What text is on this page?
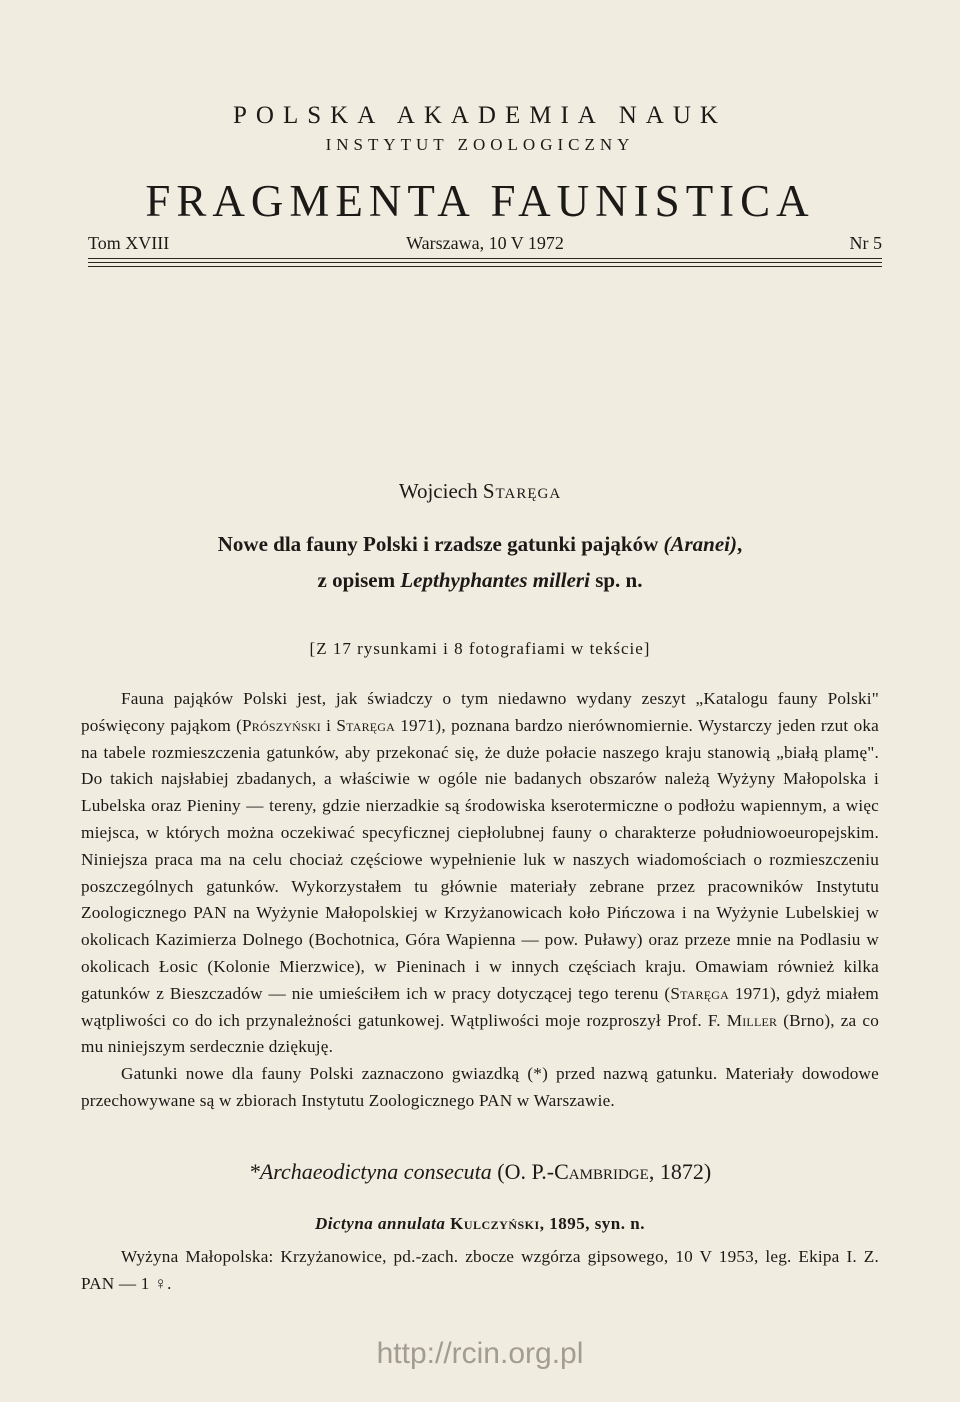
POLSKA AKADEMIA NAUK
INSTYTUT ZOOLOGICZNY
FRAGMENTA FAUNISTICA
Tom XVIII	Warszawa, 10 V 1972	Nr 5
Wojciech Staręga
Nowe dla fauny Polski i rzadsze gatunki pająków (Aranei),
z opisem Lepthyphantes milleri sp. n.
[Z 17 rysunkami i 8 fotografiami w tekście]

Fauna pająków Polski jest, jak świadczy o tym niedawno wydany zeszyt „Katalogu fauny Polski" poświęcony pająkom (Prószyński i Staręga 1971), poznana bardzo nierównomiernie. Wystarczy jeden rzut oka na tabele rozmieszczenia gatunków, aby przekonać się, że duże połacie naszego kraju stanowią „białą plamę". Do takich najsłabiej zbadanych, a właściwie w ogóle nie badanych obszarów należą Wyżyny Małopolska i Lubelska oraz Pieniny — tereny, gdzie nierzadkie są środowiska kserotermiczne o podłożu wapiennym, a więc miejsca, w których można oczekiwać specyficznej ciepłolubnej fauny o charakterze południowoeuropejskim. Niniejsza praca ma na celu chociaż częściowe wypełnienie luk w naszych wiadomościach o rozmieszczeniu poszczególnych gatunków. Wykorzystałem tu głównie materiały zebrane przez pracowników Instytutu Zoologicznego PAN na Wyżynie Małopolskiej w Krzyżanowicach koło Pińczowa i na Wyżynie Lubelskiej w okolicach Kazimierza Dolnego (Bochotnica, Góra Wapienna — pow. Puławy) oraz przeze mnie na Podlasiu w okolicach Łosic (Kolonie Mierzwice), w Pieninach i w innych częściach kraju. Omawiam również kilka gatunków z Bieszczadów — nie umieściłem ich w pracy dotyczącej tego terenu (Staręga 1971), gdyż miałem wątpliwości co do ich przynależności gatunkowej. Wątpliwości moje rozproszył Prof. F. Miller (Brno), za co mu niniejszym serdecznie dziękuję.

Gatunki nowe dla fauny Polski zaznaczono gwiazdką (*) przed nazwą gatunku. Materiały dowodowe przechowywane są w zbiorach Instytutu Zoologicznego PAN w Warszawie.

*Archaeodictyna consecuta (O. P.-Cambridge, 1872)
Dictyna annulata Kulczyński, 1895, syn. n.

Wyżyna Małopolska: Krzyżanowice, pd.-zach. zbocze wzgórza gipsowego, 10 V 1953, leg. Ekipa I. Z. PAN — 1 ♀.

http://rcin.org.pl
